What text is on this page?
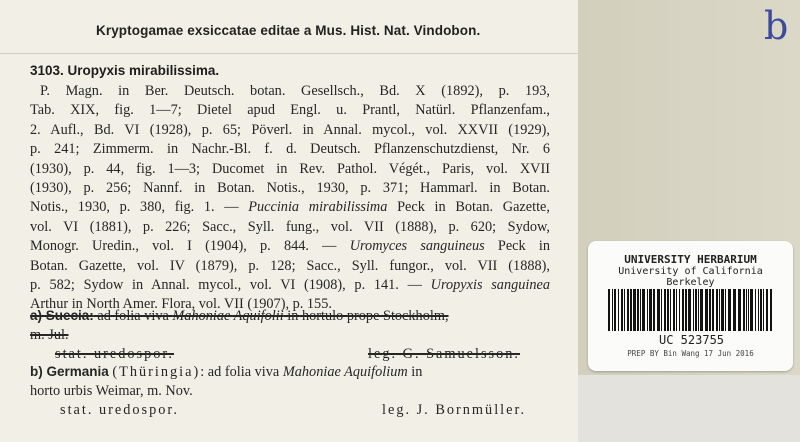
Kryptogamae exsiccatae editae a Mus. Hist. Nat. Vindobon.
3103. Uropyxis mirabilissima.
P. Magn. in Ber. Deutsch. botan. Gesellsch., Bd. X (1892), p. 193,
Tab. XIX, fig. 1—7; Dietel apud Engl. u. Prantl, Natürl. Pflanzenfam.,
2. Aufl., Bd. VI (1928), p. 65; Pöverl. in Annal. mycol., vol. XXVII (1929),
p. 241; Zimmerm. in Nachr.-Bl. f. d. Deutsch. Pflanzenschutzdienst, Nr. 6
(1930), p. 44, fig. 1—3; Ducomet in Rev. Pathol. Végét., Paris, vol. XVII
(1930), p. 256; Nannf. in Botan. Notis., 1930, p. 371; Hammarl. in Botan.
Notis., 1930, p. 380, fig. 1. — Puccinia mirabilissima Peck in Botan. Gazette,
vol. VI (1881), p. 226; Sacc., Syll. fung., vol. VII (1888), p. 620; Sydow,
Monogr. Uredin., vol. I (1904), p. 844. — Uromyces sanguineus Peck in
Botan. Gazette, vol. IV (1879), p. 128; Sacc., Syll. fungor., vol. VII (1888),
p. 582; Sydow in Annal. mycol., vol. VI (1908), p. 141. — Uropyxis sanguinea
Arthur in North Amer. Flora, vol. VII (1907), p. 155.
a) Suecia: ad folia viva Mahoniae Aquifolii in hortulo prope Stockholm,
m. Jul.
stat. uredospor.	leg. G. Samuelsson.
b) Germania (Thüringia): ad folia viva Mahoniae Aquifolium in
horto urbis Weimar, m. Nov.
stat. uredospor.	leg. J. Bornmüller.
b
UNIVERSITY HERBARIUM
University of California
Berkeley
UC 523755
PREP BY Bin Wang 17 Jun 2016
